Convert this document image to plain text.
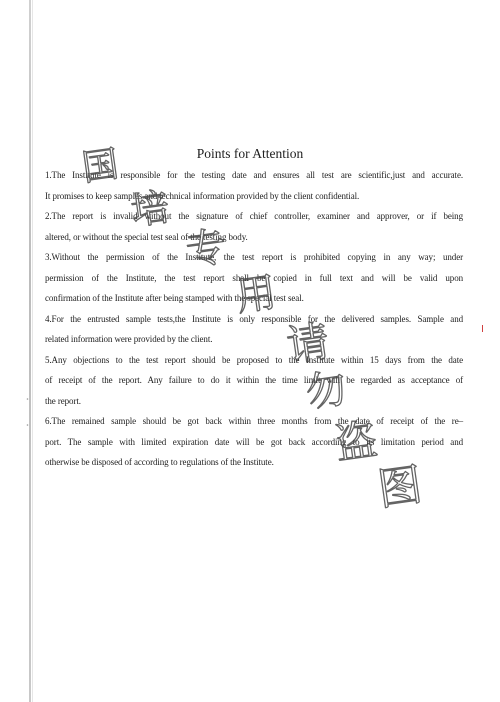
Points for Attention
1.The Institute is responsible for the testing date and ensures all test are scientific,just and accurate.
It promises to keep samples and technical information provided by the client confidential.
2.The report is invalid without the signature of chief controller, examiner and approver, or if being
altered, or without the special test seal of the testing body.
3.Without the permission of the Institute, the test report is prohibited copying in any way; under
permission of the Institute, the test report shall be copied in full text and will be valid upon
confirmation of the Institute after being stamped with the special test seal.
4.For the entrusted sample tests,the Institute is only responsible for the delivered samples. Sample and
related information were provided by the client.
5.Any objections to the test report should be proposed to the Institute within 15 days from the date
of receipt of the report. Any failure to do it within the time limit will be regarded as acceptance of
the report.
6.The remained sample should be got back within three months from the date of receipt of the re–
port. The sample with limited expiration date will be got back according to its limitation period and
otherwise be disposed of according to regulations of the Institute.
国
培
专
用
请
勿
盗
图
